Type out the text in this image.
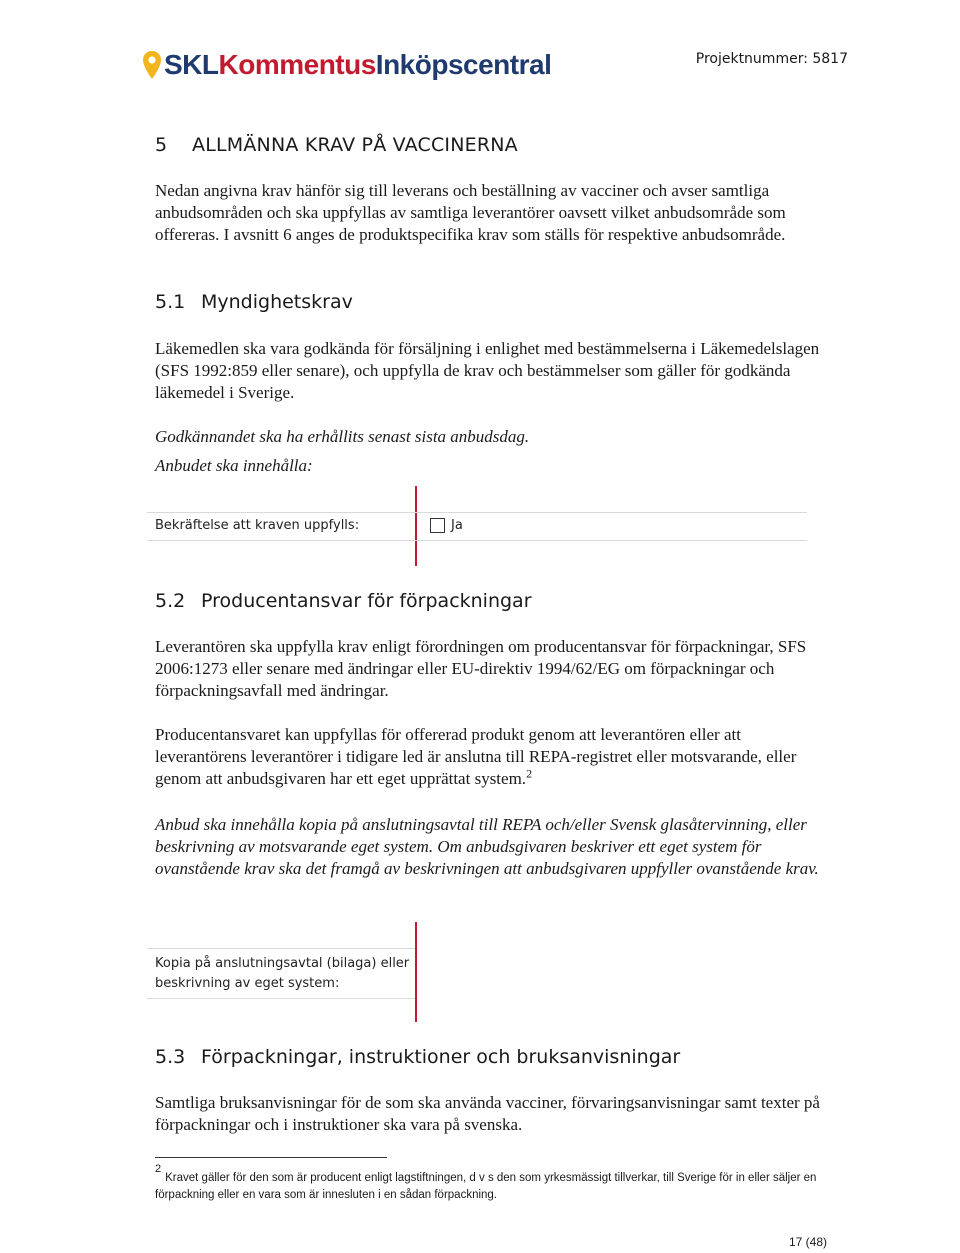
SKLKommentusInköpscentral	Projektnummer: 5817
5 ALLMÄNNA KRAV PÅ VACCINERNA
Nedan angivna krav hänför sig till leverans och beställning av vacciner och avser samtliga anbudsområden och ska uppfyllas av samtliga leverantörer oavsett vilket anbudsområde som offereras. I avsnitt 6 anges de produktspecifika krav som ställs för respektive anbudsområde.
5.1 Myndighetskrav
Läkemedlen ska vara godkända för försäljning i enlighet med bestämmelserna i Läkemedelslagen (SFS 1992:859 eller senare), och uppfylla de krav och bestämmelser som gäller för godkända läkemedel i Sverige.
Godkännandet ska ha erhållits senast sista anbudsdag.
Anbudet ska innehålla:
Bekräftelse att kraven uppfylls:	Ja
5.2 Producentansvar för förpackningar
Leverantören ska uppfylla krav enligt förordningen om producentansvar för förpackningar, SFS 2006:1273 eller senare med ändringar eller EU-direktiv 1994/62/EG om förpackningar och förpackningsavfall med ändringar.
Producentansvaret kan uppfyllas för offererad produkt genom att leverantören eller att leverantörens leverantörer i tidigare led är anslutna till REPA-registret eller motsvarande, eller genom att anbudsgivaren har ett eget upprättat system.$^2$
Anbud ska innehålla kopia på anslutningsavtal till REPA och/eller Svensk glasåtervinning, eller beskrivning av motsvarande eget system. Om anbudsgivaren beskriver ett eget system för ovanstående krav ska det framgå av beskrivningen att anbudsgivaren uppfyller ovanstående krav.
Kopia på anslutningsavtal (bilaga) eller
beskrivning av eget system:
5.3 Förpackningar, instruktioner och bruksanvisningar
Samtliga bruksanvisningar för de som ska använda vacciner, förvaringsanvisningar samt texter på förpackningar och i instruktioner ska vara på svenska.
$^2$Kravet gäller för den som är producent enligt lagstiftningen, d v s den som yrkesmässigt tillverkar, till Sverige för in eller säljer en förpackning eller en vara som är innesluten i en sådan förpackning.
17 (48)
